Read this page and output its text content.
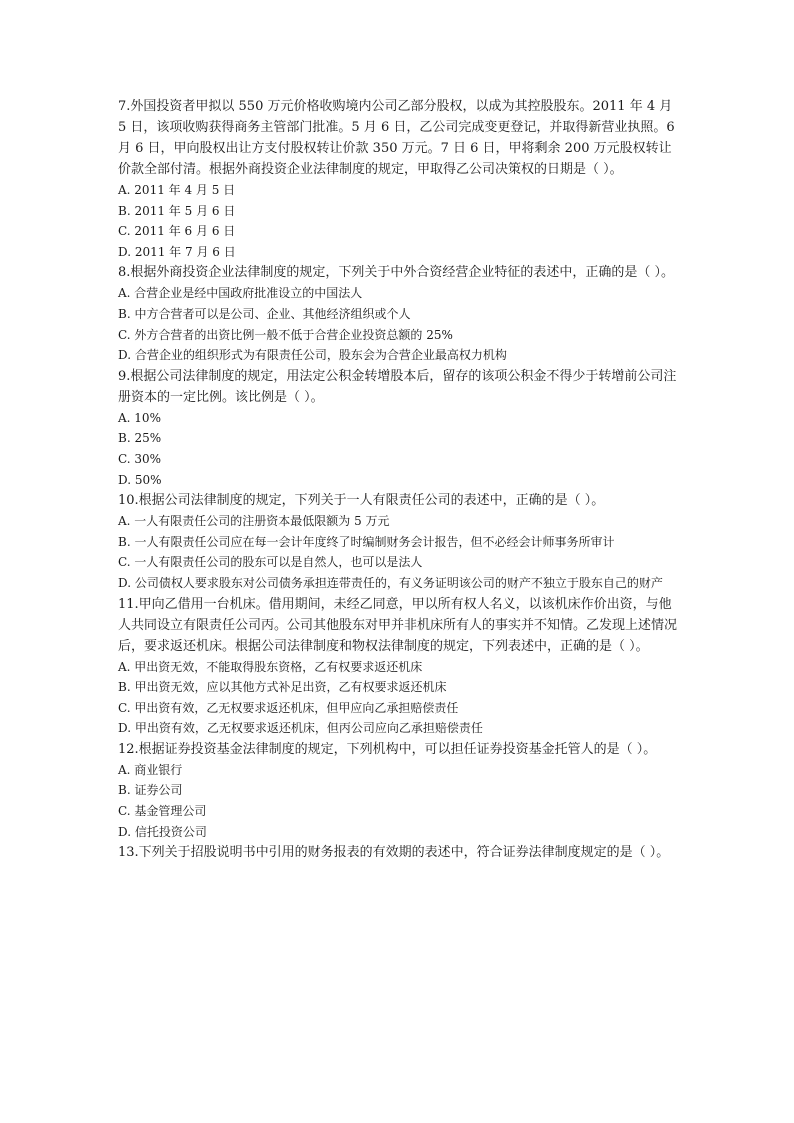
7.外国投资者甲拟以 550 万元价格收购境内公司乙部分股权，以成为其控股股东。2011 年 4 月 5 日，该项收购获得商务主管部门批准。5 月 6 日，乙公司完成变更登记，并取得新营业执照。6 月 6 日，甲向股权出让方支付股权转让价款 350 万元。7 日 6 日，甲将剩余 200 万元股权转让价款全部付清。根据外商投资企业法律制度的规定，甲取得乙公司决策权的日期是（ ）。

A. 2011 年 4 月 5 日

B. 2011 年 5 月 6 日

C. 2011 年 6 月 6 日

D. 2011 年 7 月 6 日

8.根据外商投资企业法律制度的规定，下列关于中外合资经营企业特征的表述中，正确的是（ ）。

A. 合营企业是经中国政府批准设立的中国法人

B. 中方合营者可以是公司、企业、其他经济组织或个人

C. 外方合营者的出资比例一般不低于合营企业投资总额的 25%

D. 合营企业的组织形式为有限责任公司，股东会为合营企业最高权力机构

9.根据公司法律制度的规定，用法定公积金转增股本后，留存的该项公积金不得少于转增前公司注册资本的一定比例。该比例是（ ）。

A. 10%

B. 25%

C. 30%

D. 50%

10.根据公司法律制度的规定，下列关于一人有限责任公司的表述中，正确的是（ ）。

A. 一人有限责任公司的注册资本最低限额为 5 万元

B. 一人有限责任公司应在每一会计年度终了时编制财务会计报告，但不必经会计师事务所审计

C. 一人有限责任公司的股东可以是自然人，也可以是法人

D. 公司债权人要求股东对公司债务承担连带责任的，有义务证明该公司的财产不独立于股东自己的财产

11.甲向乙借用一台机床。借用期间，未经乙同意，甲以所有权人名义，以该机床作价出资，与他人共同设立有限责任公司丙。公司其他股东对甲并非机床所有人的事实并不知情。乙发现上述情况后，要求返还机床。根据公司法律制度和物权法律制度的规定，下列表述中，正确的是（ ）。

A. 甲出资无效，不能取得股东资格，乙有权要求返还机床

B. 甲出资无效，应以其他方式补足出资，乙有权要求返还机床

C. 甲出资有效，乙无权要求返还机床，但甲应向乙承担赔偿责任

D. 甲出资有效，乙无权要求返还机床，但丙公司应向乙承担赔偿责任

12.根据证券投资基金法律制度的规定，下列机构中，可以担任证券投资基金托管人的是（ ）。

A. 商业银行

B. 证券公司

C. 基金管理公司

D. 信托投资公司

13.下列关于招股说明书中引用的财务报表的有效期的表述中，符合证券法律制度规定的是（ ）。
